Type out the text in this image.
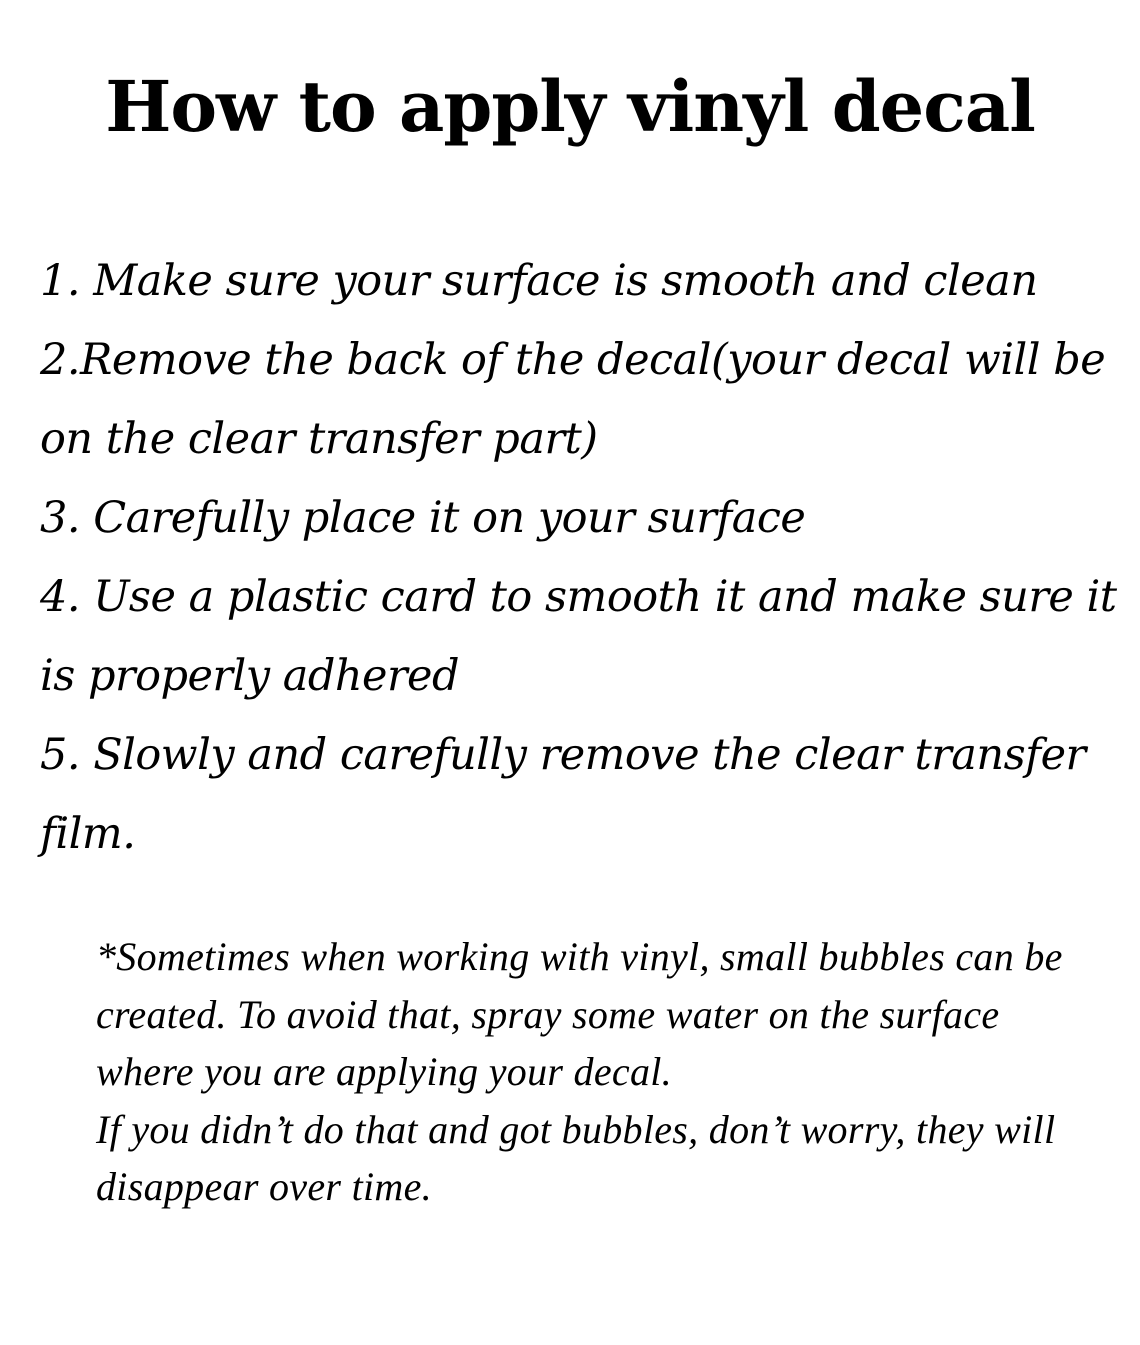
How to apply vinyl decal
1. Make sure your surface is smooth and clean
2.Remove the back of the decal(your decal will be on the clear transfer part)
3. Carefully place it on your surface
4. Use a plastic card to smooth it and make sure it is properly adhered
5. Slowly and carefully remove the clear transfer film.

*Sometimes when working with vinyl, small bubbles can be created. To avoid that, spray some water on the surface where you are applying your decal.

If you didn’t do that and got bubbles, don’t worry, they will disappear over time.
